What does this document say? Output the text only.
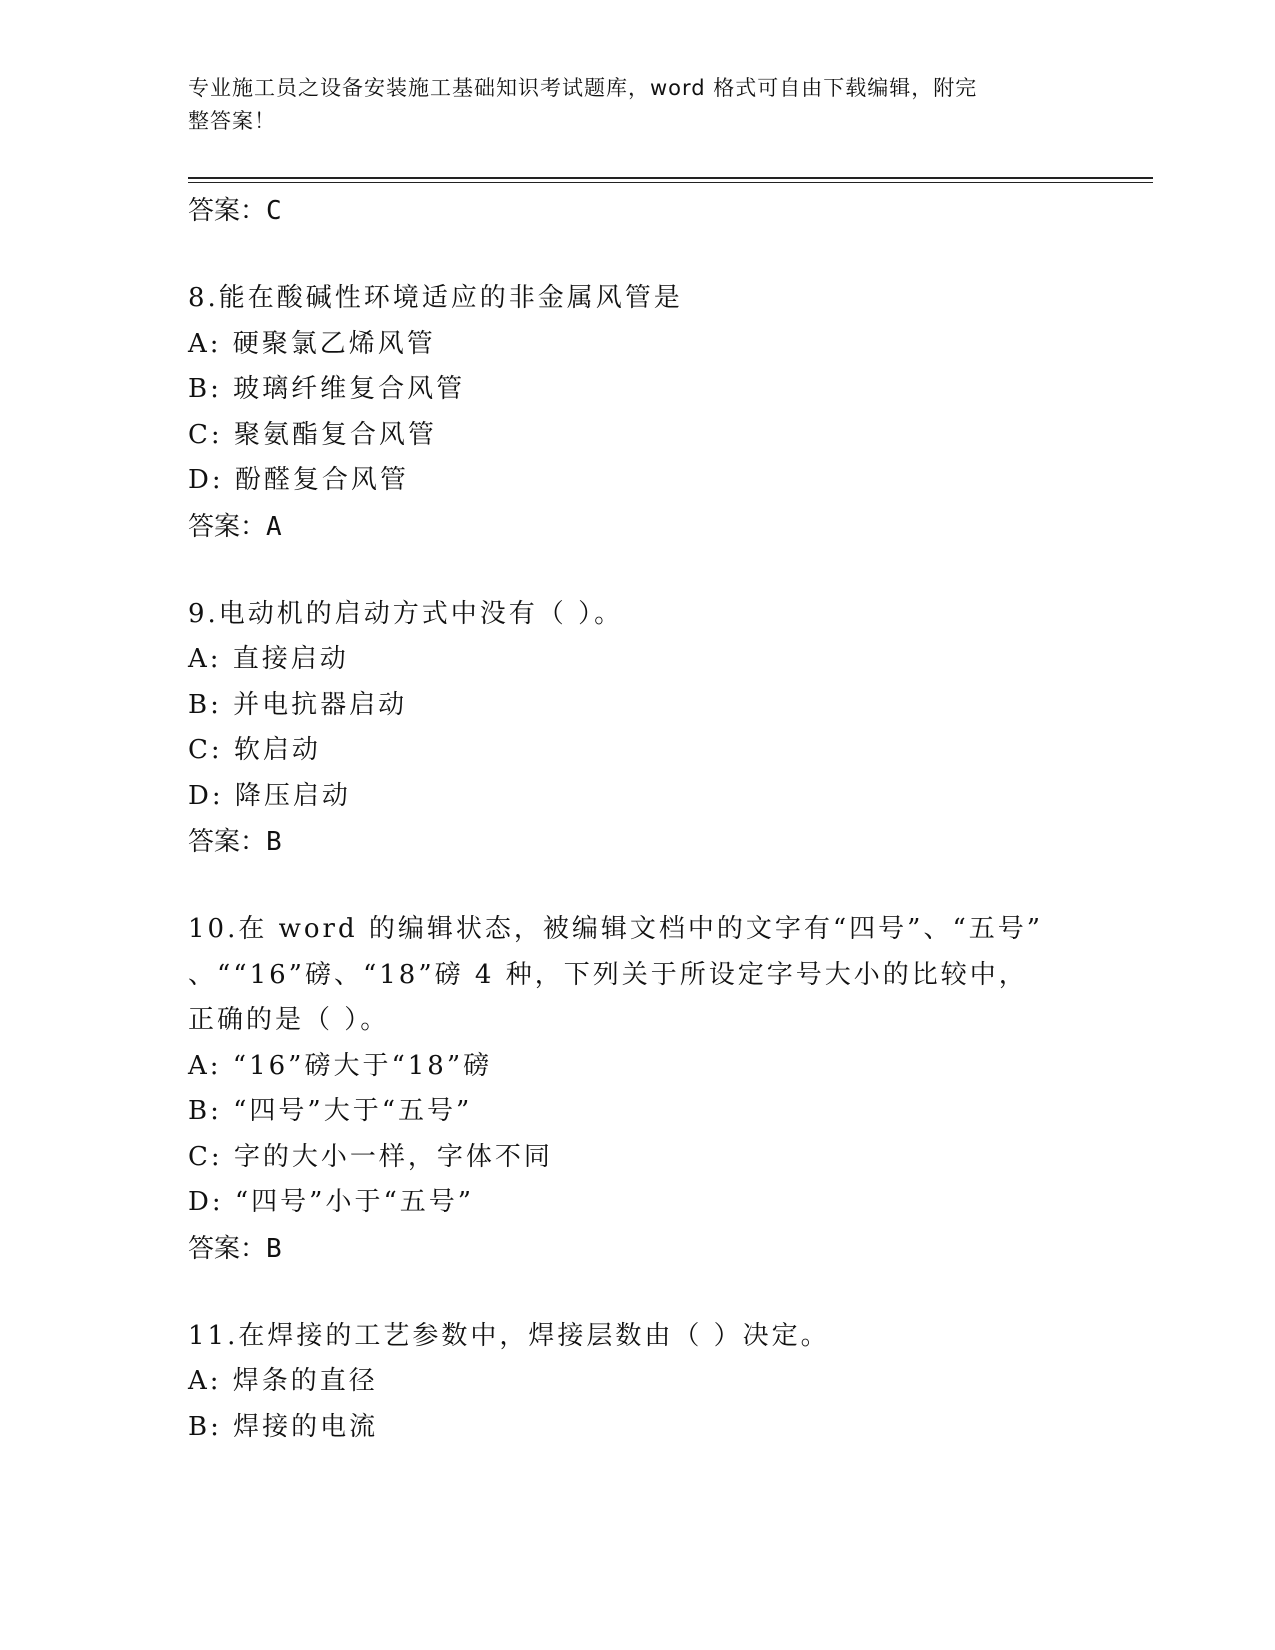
专业施工员之设备安装施工基础知识考试题库，word 格式可自由下载编辑，附完
整答案！
答案：C
8.能在酸碱性环境适应的非金属风管是
A: 硬聚氯乙烯风管
B: 玻璃纤维复合风管
C: 聚氨酯复合风管
D: 酚醛复合风管
答案：A
9.电动机的启动方式中没有（ ）。
A: 直接启动
B: 并电抗器启动
C: 软启动
D: 降压启动
答案：B
10.在 word 的编辑状态，被编辑文档中的文字有“四号”、“五号”
、““16”磅、“18”磅 4 种，下列关于所设定字号大小的比较中，
正确的是（ ）。
A: “16”磅大于“18”磅
B: “四号”大于“五号”
C: 字的大小一样，字体不同
D: “四号”小于“五号”
答案：B
11.在焊接的工艺参数中，焊接层数由（ ）决定。
A: 焊条的直径
B: 焊接的电流
